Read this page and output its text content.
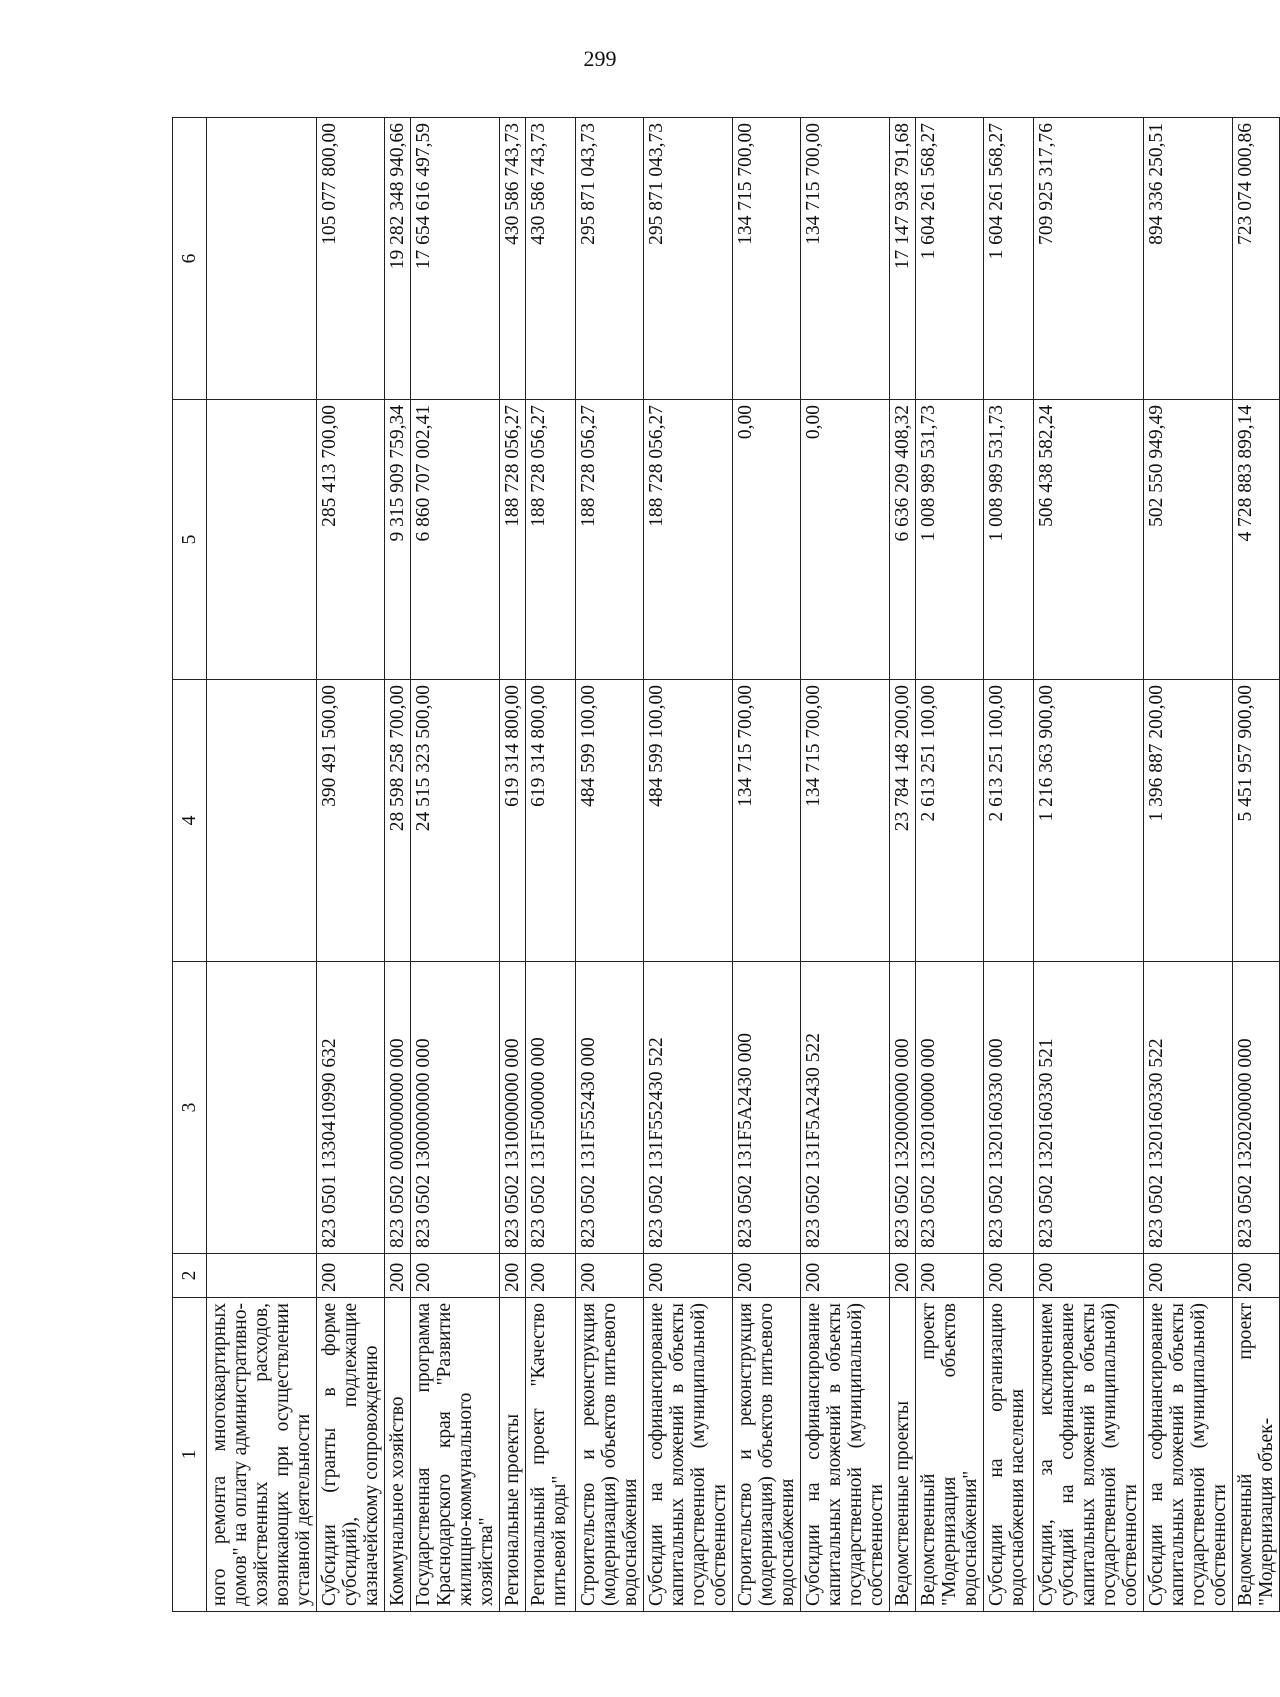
299
1	2	3	4	5	6
ного ремонта многоквартирных домов" на оплату административно-хозяйственных расходов, возникающих при осуществлении уставной деятельности					
Субсидии (гранты в форме субсидий), подлежащие казначейскому сопровождению	200	823 0501 1330410990 632	390 491 500,00	285 413 700,00	105 077 800,00
Коммунальное хозяйство	200	823 0502 0000000000 000	28 598 258 700,00	9 315 909 759,34	19 282 348 940,66
Государственная программа Краснодарского края "Развитие жилищно-коммунального хозяйства"	200	823 0502 1300000000 000	24 515 323 500,00	6 860 707 002,41	17 654 616 497,59
Региональные проекты	200	823 0502 1310000000 000	619 314 800,00	188 728 056,27	430 586 743,73
Региональный проект "Качество питьевой воды"	200	823 0502 131F500000 000	619 314 800,00	188 728 056,27	430 586 743,73
Строительство и реконструкция (модернизация) объектов питьевого водоснабжения	200	823 0502 131F552430 000	484 599 100,00	188 728 056,27	295 871 043,73
Субсидии на софинансирование капитальных вложений в объекты государственной (муниципальной) собственности	200	823 0502 131F552430 522	484 599 100,00	188 728 056,27	295 871 043,73
Строительство и реконструкция (модернизация) объектов питьевого водоснабжения	200	823 0502 131F5A2430 000	134 715 700,00	0,00	134 715 700,00
Субсидии на софинансирование капитальных вложений в объекты государственной (муниципальной) собственности	200	823 0502 131F5A2430 522	134 715 700,00	0,00	134 715 700,00
Ведомственные проекты	200	823 0502 1320000000 000	23 784 148 200,00	6 636 209 408,32	17 147 938 791,68
Ведомственный проект "Модернизация объектов водоснабжения"	200	823 0502 1320100000 000	2 613 251 100,00	1 008 989 531,73	1 604 261 568,27
Субсидии на организацию водоснабжения населения	200	823 0502 1320160330 000	2 613 251 100,00	1 008 989 531,73	1 604 261 568,27
Субсидии, за исключением субсидий на софинансирование капитальных вложений в объекты государственной (муниципальной) собственности	200	823 0502 1320160330 521	1 216 363 900,00	506 438 582,24	709 925 317,76
Субсидии на софинансирование капитальных вложений в объекты государственной (муниципальной) собственности	200	823 0502 1320160330 522	1 396 887 200,00	502 550 949,49	894 336 250,51
Ведомственный проект "Модернизация объек-	200	823 0502 1320200000 000	5 451 957 900,00	4 728 883 899,14	723 074 000,86
